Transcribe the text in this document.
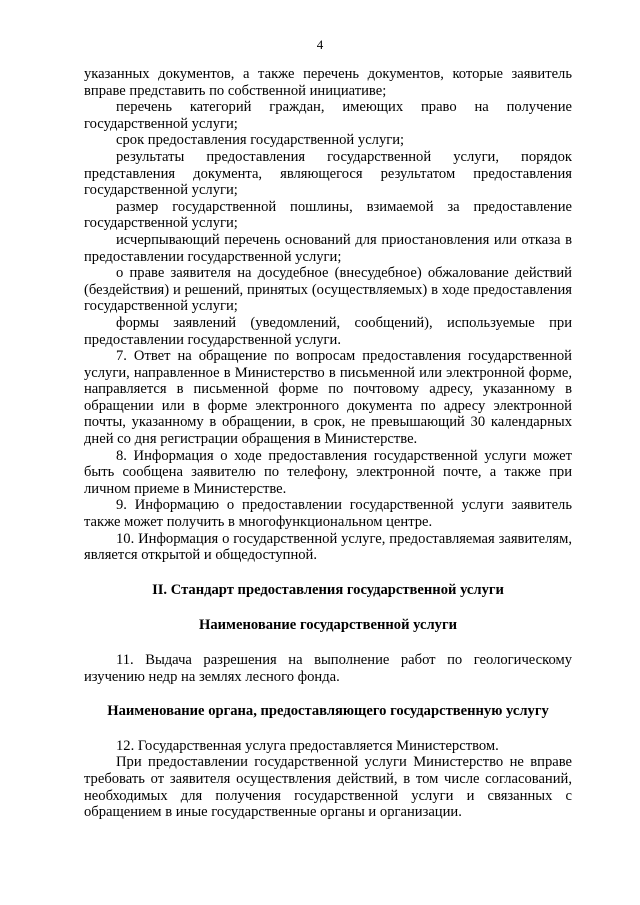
4

указанных документов, а также перечень документов, которые заявитель вправе представить по собственной инициативе;

перечень категорий граждан, имеющих право на получение государственной услуги;

срок предоставления государственной услуги;

результаты предоставления государственной услуги, порядок представления документа, являющегося результатом предоставления государственной услуги;

размер государственной пошлины, взимаемой за предоставление государственной услуги;

исчерпывающий перечень оснований для приостановления или отказа в предоставлении государственной услуги;

о праве заявителя на досудебное (внесудебное) обжалование действий (бездействия) и решений, принятых (осуществляемых) в ходе предоставления государственной услуги;

формы заявлений (уведомлений, сообщений), используемые при предоставлении государственной услуги.

7. Ответ на обращение по вопросам предоставления государственной услуги, направленное в Министерство в письменной или электронной форме, направляется в письменной форме по почтовому адресу, указанному в обращении или в форме электронного документа по адресу электронной почты, указанному в обращении, в срок, не превышающий 30 календарных дней со дня регистрации обращения в Министерстве.

8. Информация о ходе предоставления государственной услуги может быть сообщена заявителю по телефону, электронной почте, а также при личном приеме в Министерстве.

9. Информацию о предоставлении государственной услуги заявитель также может получить в многофункциональном центре.

10. Информация о государственной услуге, предоставляемая заявителям, является открытой и общедоступной.

II. Стандарт предоставления государственной услуги

Наименование государственной услуги

11. Выдача разрешения на выполнение работ по геологическому изучению недр на землях лесного фонда.

Наименование органа, предоставляющего государственную услугу

12. Государственная услуга предоставляется Министерством.

При предоставлении государственной услуги Министерство не вправе требовать от заявителя осуществления действий, в том числе согласований, необходимых для получения государственной услуги и связанных с обращением в иные государственные органы и организации.
